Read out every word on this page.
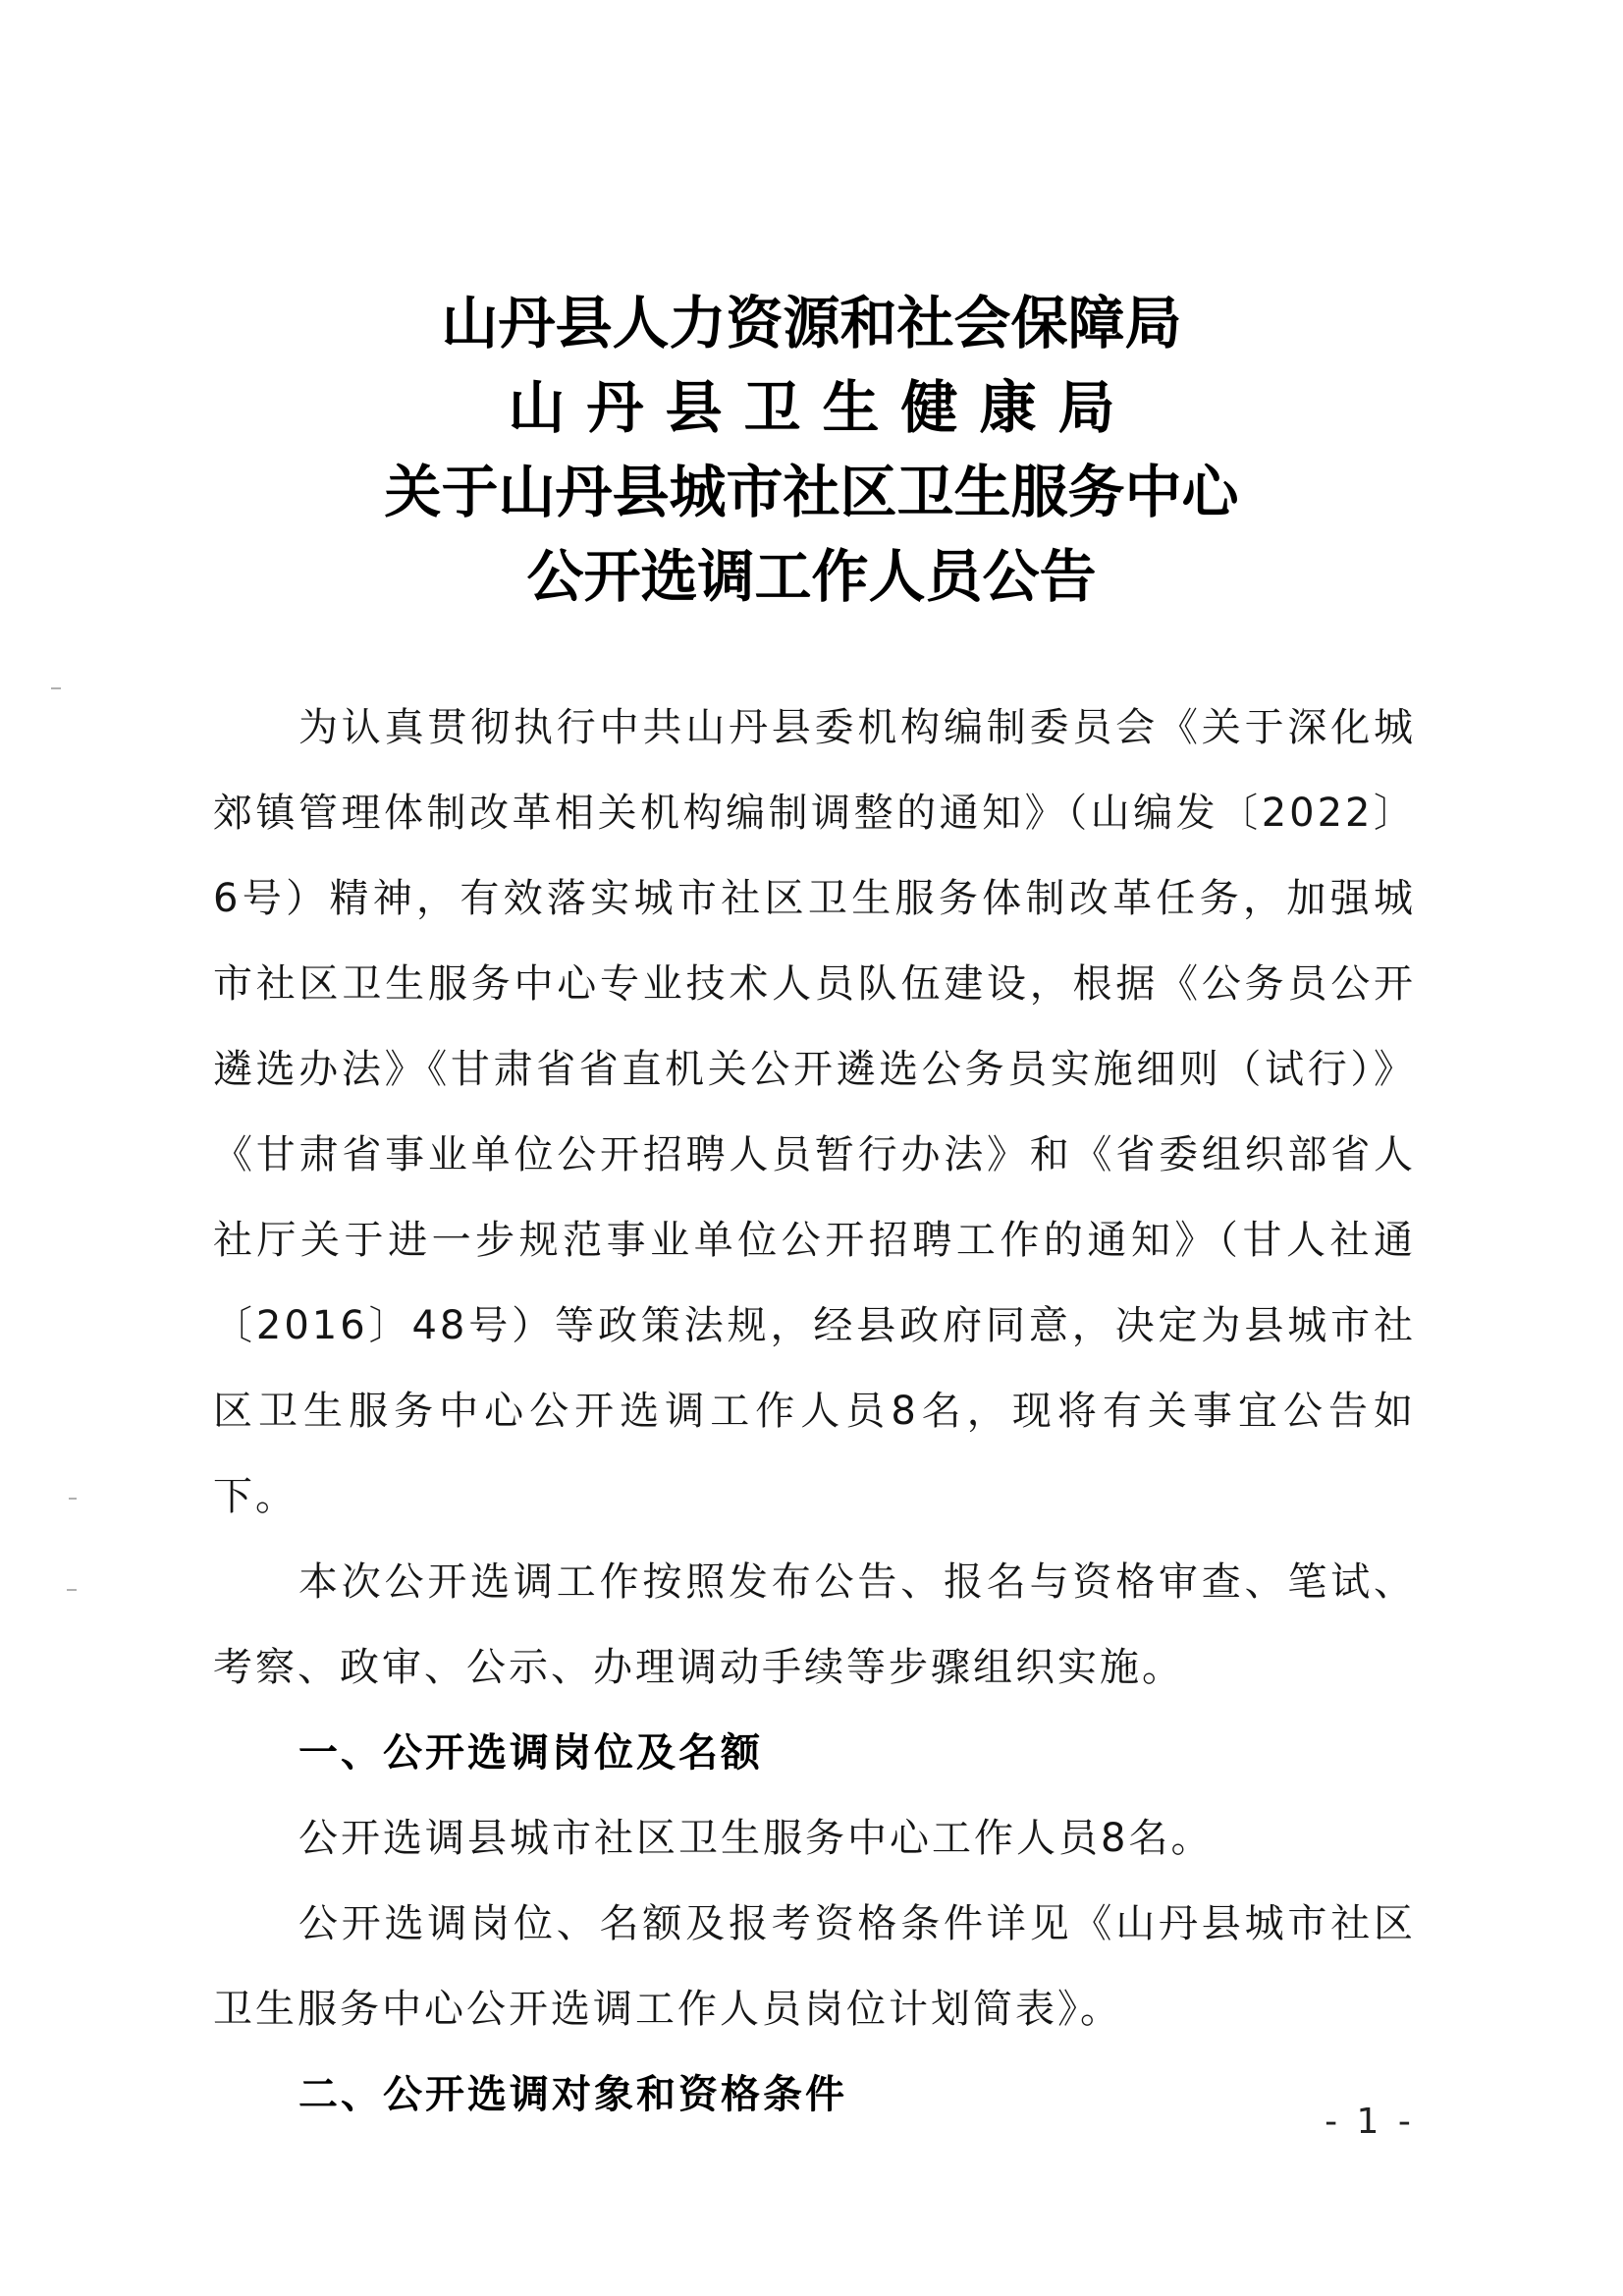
山丹县人力资源和社会保障局
山丹县卫生健康局
关于山丹县城市社区卫生服务中心
公开选调工作人员公告

为认真贯彻执行中共山丹县委机构编制委员会《关于深化城郊镇管理体制改革相关机构编制调整的通知》（山编发〔2022〕6号）精神，有效落实城市社区卫生服务体制改革任务，加强城市社区卫生服务中心专业技术人员队伍建设，根据《公务员公开遴选办法》《甘肃省省直机关公开遴选公务员实施细则（试行）》《甘肃省事业单位公开招聘人员暂行办法》和《省委组织部省人社厅关于进一步规范事业单位公开招聘工作的通知》（甘人社通〔2016〕48号）等政策法规，经县政府同意，决定为县城市社区卫生服务中心公开选调工作人员8名，现将有关事宜公告如下。

本次公开选调工作按照发布公告、报名与资格审查、笔试、考察、政审、公示、办理调动手续等步骤组织实施。

一、公开选调岗位及名额

公开选调县城市社区卫生服务中心工作人员8名。

公开选调岗位、名额及报考资格条件详见《山丹县城市社区卫生服务中心公开选调工作人员岗位计划简表》。

二、公开选调对象和资格条件

- 1 -
